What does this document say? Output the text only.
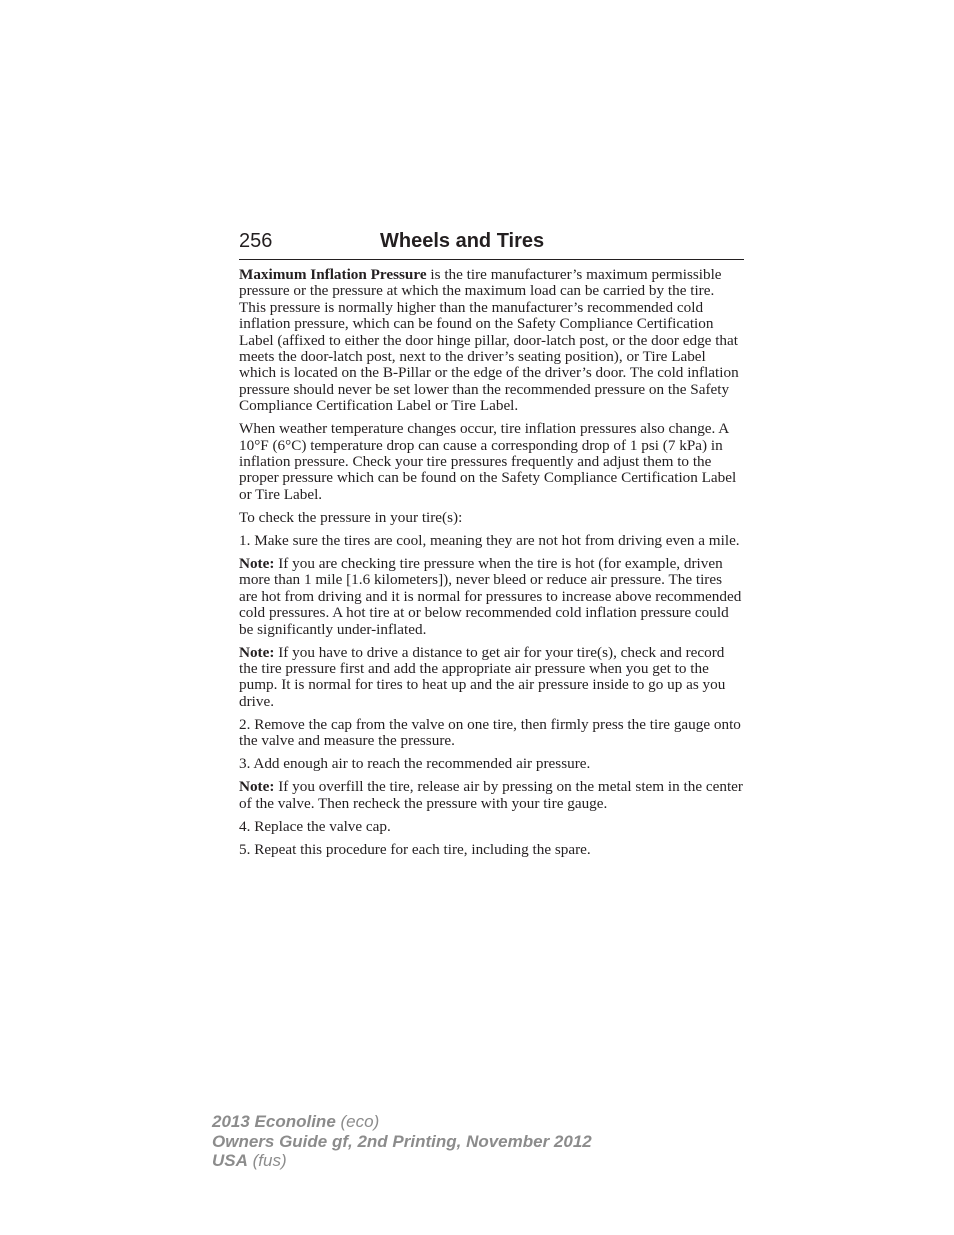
256	Wheels and Tires

Maximum Inflation Pressure is the tire manufacturer’s maximum permissible pressure or the pressure at which the maximum load can be carried by the tire. This pressure is normally higher than the manufacturer’s recommended cold inflation pressure, which can be found on the Safety Compliance Certification Label (affixed to either the door hinge pillar, door-latch post, or the door edge that meets the door-latch post, next to the driver’s seating position), or Tire Label which is located on the B-Pillar or the edge of the driver’s door. The cold inflation pressure should never be set lower than the recommended pressure on the Safety Compliance Certification Label or Tire Label.

When weather temperature changes occur, tire inflation pressures also change. A 10°F (6°C) temperature drop can cause a corresponding drop of 1 psi (7 kPa) in inflation pressure. Check your tire pressures frequently and adjust them to the proper pressure which can be found on the Safety Compliance Certification Label or Tire Label.

To check the pressure in your tire(s):

1. Make sure the tires are cool, meaning they are not hot from driving even a mile.

Note: If you are checking tire pressure when the tire is hot (for example, driven more than 1 mile [1.6 kilometers]), never bleed or reduce air pressure. The tires are hot from driving and it is normal for pressures to increase above recommended cold pressures. A hot tire at or below recommended cold inflation pressure could be significantly under-inflated.

Note: If you have to drive a distance to get air for your tire(s), check and record the tire pressure first and add the appropriate air pressure when you get to the pump. It is normal for tires to heat up and the air pressure inside to go up as you drive.

2. Remove the cap from the valve on one tire, then firmly press the tire gauge onto the valve and measure the pressure.

3. Add enough air to reach the recommended air pressure.

Note: If you overfill the tire, release air by pressing on the metal stem in the center of the valve. Then recheck the pressure with your tire gauge.

4. Replace the valve cap.

5. Repeat this procedure for each tire, including the spare.

2013 Econoline (eco)
Owners Guide gf, 2nd Printing, November 2012
USA (fus)
